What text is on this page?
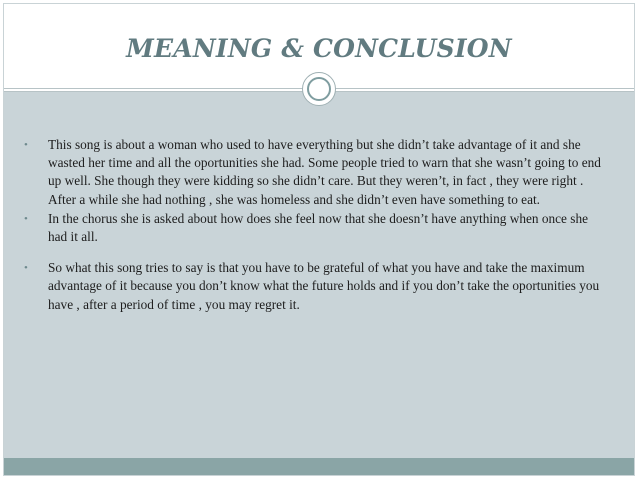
MEANING & CONCLUSION
• This song is about a woman who used to have everything but she didn’t take advantage of it and she wasted her time and all the oportunities she had. Some people tried to warn that she wasn’t going to end up well. She though they were kidding so she didn’t care. But they weren’t, in fact , they were right . After a while she had nothing , she was homeless and she didn’t even have something to eat.
• In the chorus she is asked about how does she feel now that she doesn’t have anything when once she had it all.
• So what this song tries to say is that you have to be grateful of what you have and take the maximum advantage of it because you don’t know what the future holds and if you don’t take the oportunities you have , after a period of time , you may regret it.
